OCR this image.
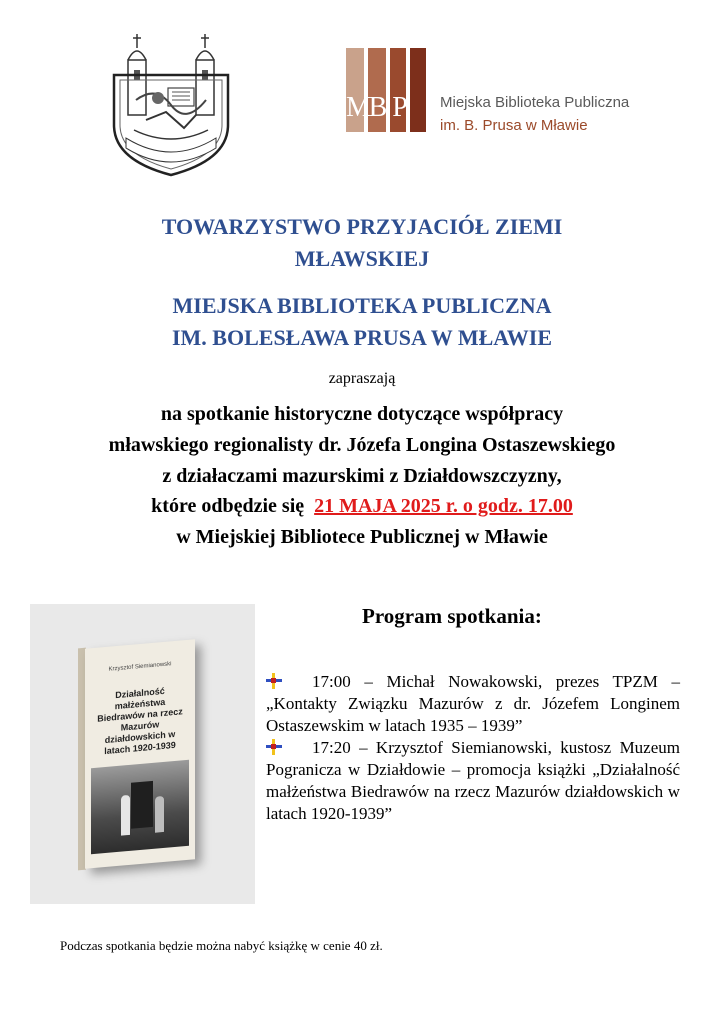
M
B P Miejska Biblioteka Publiczna
im. B. Prusa w Mławie
TOWARZYSTWO PRZYJACIÓŁ ZIEMI
MŁAWSKIEJ
MIEJSKA BIBLIOTEKA PUBLICZNA
IM. BOLESŁAWA PRUSA W MŁAWIE
zapraszają
na spotkanie historyczne dotyczące współpracy
mławskiego regionalisty dr. Józefa Longina Ostaszewskiego
z działaczami mazurskimi z Działdowszczyzny,
które odbędzie się 21 MAJA 2025 r. o godz. 17.00
w Miejskiej Bibliotece Publicznej w Mławie
Krzysztof Siemianowski
Działalność małżeństwa Biedrawów na rzecz Mazurów działdowskich w latach 1920-1939
Program spotkania:
17:00 – Michał Nowakowski, prezes TPZM – „Kontakty Związku Mazurów z dr. Józefem Longinem Ostaszewskim w latach 1935 – 1939”
17:20 – Krzysztof Siemianowski, kustosz Muzeum Pogranicza w Działdowie – promocja książki „Działalność małżeństwa Biedrawów na rzecz Mazurów działdowskich w latach 1920-1939”
Podczas spotkania będzie można nabyć książkę w cenie 40 zł.
